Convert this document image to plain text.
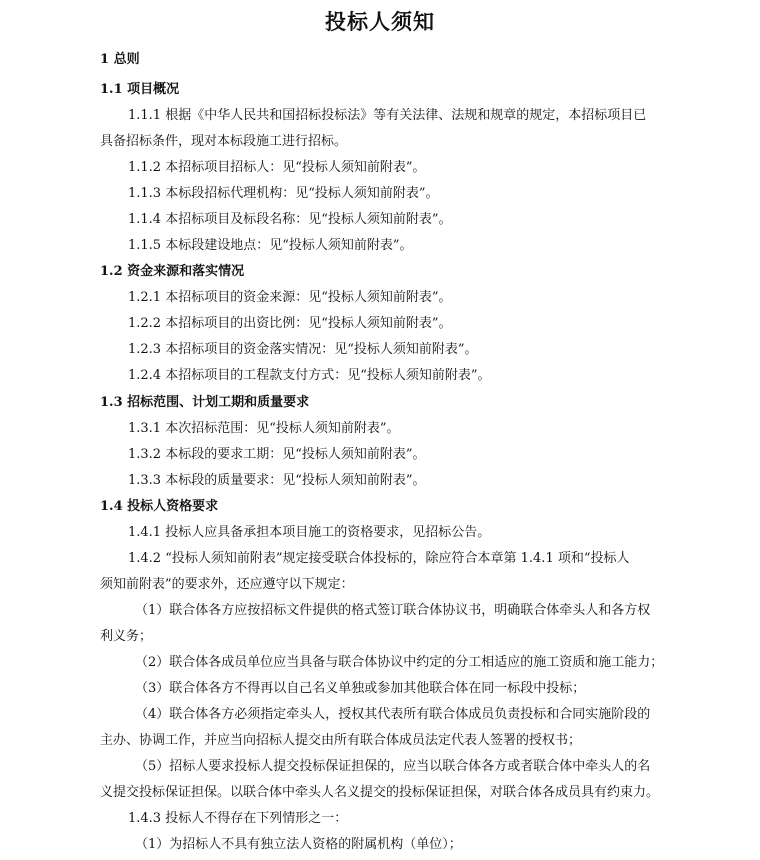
投标人须知
1 总则
1.1 项目概况
1.1.1 根据《中华人民共和国招标投标法》等有关法律、法规和规章的规定，本招标项目已
具备招标条件，现对本标段施工进行招标。
1.1.2 本招标项目招标人：见“投标人须知前附表”。
1.1.3 本标段招标代理机构：见“投标人须知前附表”。
1.1.4 本招标项目及标段名称：见“投标人须知前附表”。
1.1.5 本标段建设地点：见“投标人须知前附表”。
1.2 资金来源和落实情况
1.2.1 本招标项目的资金来源：见“投标人须知前附表”。
1.2.2 本招标项目的出资比例：见“投标人须知前附表”。
1.2.3 本招标项目的资金落实情况：见“投标人须知前附表”。
1.2.4 本招标项目的工程款支付方式：见“投标人须知前附表”。
1.3 招标范围、计划工期和质量要求
1.3.1 本次招标范围：见“投标人须知前附表”。
1.3.2 本标段的要求工期：见“投标人须知前附表”。
1.3.3 本标段的质量要求：见“投标人须知前附表”。
1.4 投标人资格要求
1.4.1 投标人应具备承担本项目施工的资格要求，见招标公告。
1.4.2 “投标人须知前附表”规定接受联合体投标的，除应符合本章第 1.4.1 项和“投标人
须知前附表”的要求外，还应遵守以下规定：
（1）联合体各方应按招标文件提供的格式签订联合体协议书，明确联合体牵头人和各方权
利义务；
（2）联合体各成员单位应当具备与联合体协议中约定的分工相适应的施工资质和施工能力；
（3）联合体各方不得再以自己名义单独或参加其他联合体在同一标段中投标；
（4）联合体各方必须指定牵头人，授权其代表所有联合体成员负责投标和合同实施阶段的
主办、协调工作，并应当向招标人提交由所有联合体成员法定代表人签署的授权书；
（5）招标人要求投标人提交投标保证担保的，应当以联合体各方或者联合体中牵头人的名
义提交投标保证担保。以联合体中牵头人名义提交的投标保证担保，对联合体各成员具有约束力。
1.4.3 投标人不得存在下列情形之一：
（1）为招标人不具有独立法人资格的附属机构（单位）；
